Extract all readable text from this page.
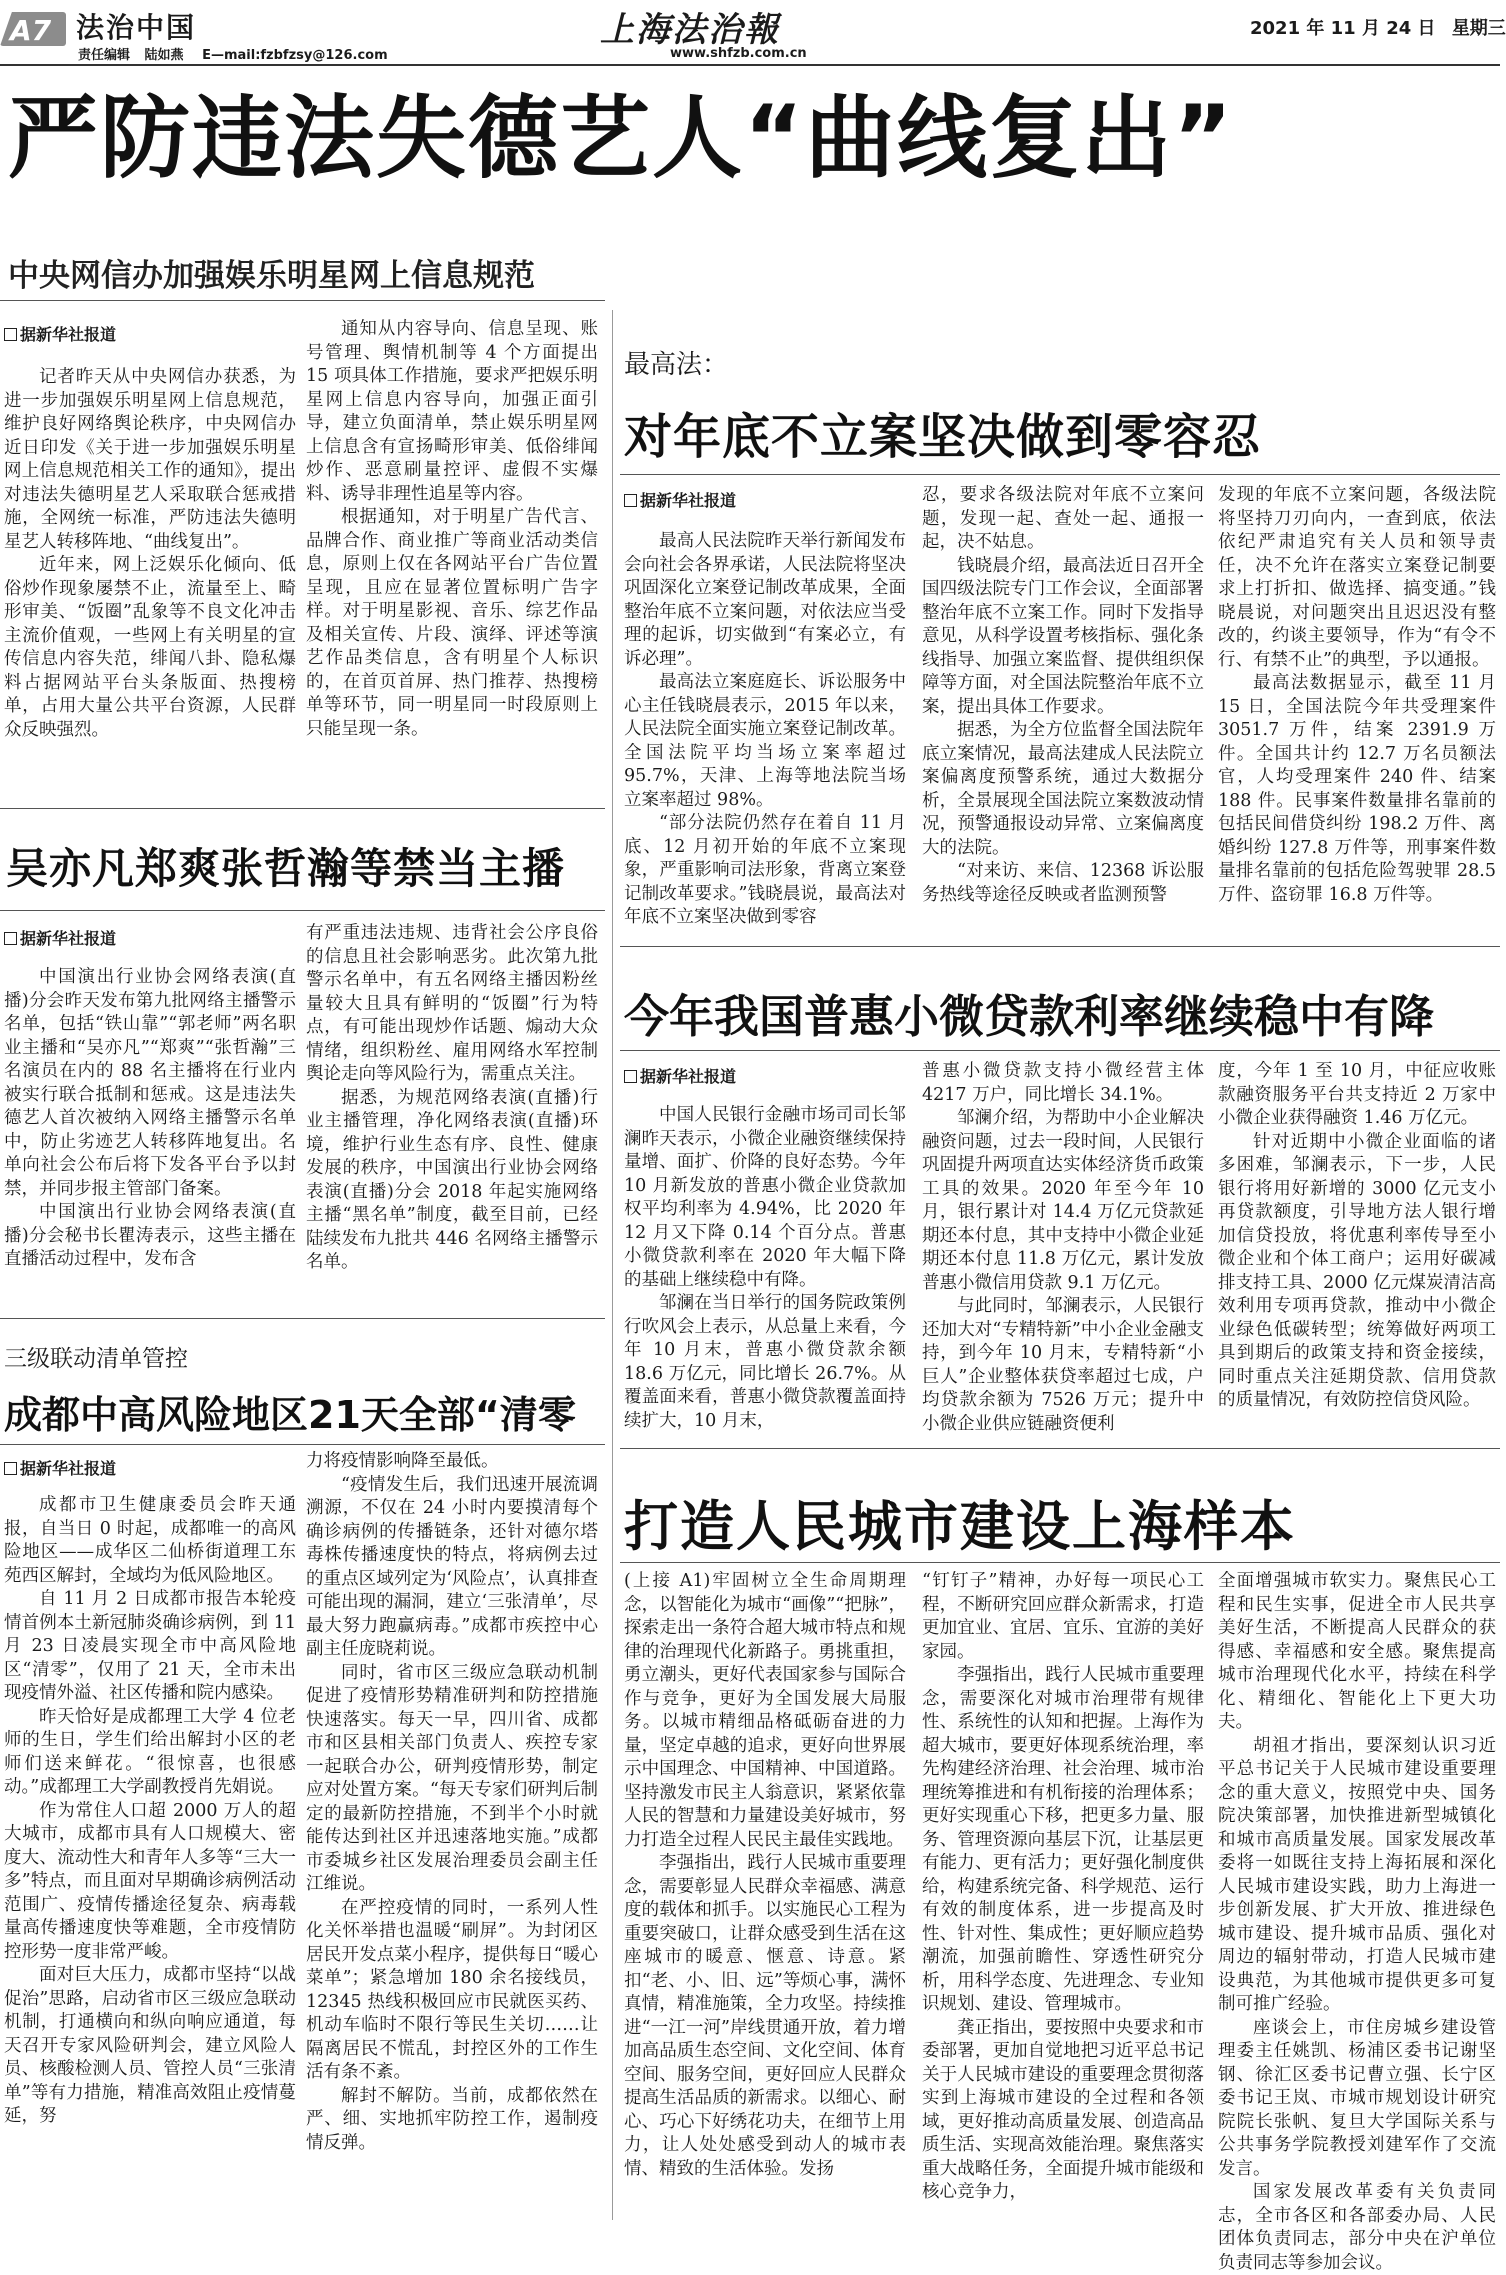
A7 法治中国
责任编辑 陆如燕 E—mail:fzbfzsy@126.com
上海法治報
www.shfzb.com.cn
2021 年 11 月 24 日 星期三
严防违法失德艺人“曲线复出”
中央网信办加强娱乐明星网上信息规范
据新华社报道

记者昨天从中央网信办获悉，为进一步加强娱乐明星网上信息规范，维护良好网络舆论秩序，中央网信办近日印发《关于进一步加强娱乐明星网上信息规范相关工作的通知》，提出对违法失德明星艺人采取联合惩戒措施，全网统一标准，严防违法失德明星艺人转移阵地、“曲线复出”。

近年来，网上泛娱乐化倾向、低俗炒作现象屡禁不止，流量至上、畸形审美、“饭圈”乱象等不良文化冲击主流价值观，一些网上有关明星的宣传信息内容失范，绯闻八卦、隐私爆料占据网站平台头条版面、热搜榜单，占用大量公共平台资源，人民群众反映强烈。

通知从内容导向、信息呈现、账号管理、舆情机制等 4 个方面提出 15 项具体工作措施，要求严把娱乐明星网上信息内容导向，加强正面引导，建立负面清单，禁止娱乐明星网上信息含有宣扬畸形审美、低俗绯闻炒作、恶意刷量控评、虚假不实爆料、诱导非理性追星等内容。

根据通知，对于明星广告代言、品牌合作、商业推广等商业活动类信息，原则上仅在各网站平台广告位置呈现，且应在显著位置标明广告字样。对于明星影视、音乐、综艺作品及相关宣传、片段、演绎、评述等演艺作品类信息，含有明星个人标识的，在首页首屏、热门推荐、热搜榜单等环节，同一明星同一时段原则上只能呈现一条。

吴亦凡郑爽张哲瀚等禁当主播
据新华社报道

中国演出行业协会网络表演(直播)分会昨天发布第九批网络主播警示名单，包括“铁山靠”“郭老师”两名职业主播和“吴亦凡”“郑爽”“张哲瀚”三名演员在内的 88 名主播将在行业内被实行联合抵制和惩戒。这是违法失德艺人首次被纳入网络主播警示名单中，防止劣迹艺人转移阵地复出。名单向社会公布后将下发各平台予以封禁，并同步报主管部门备案。

中国演出行业协会网络表演(直播)分会秘书长瞿涛表示，这些主播在直播活动过程中，发布含

有严重违法违规、违背社会公序良俗的信息且社会影响恶劣。此次第九批警示名单中，有五名网络主播因粉丝量较大且具有鲜明的“饭圈”行为特点，有可能出现炒作话题、煽动大众情绪，组织粉丝、雇用网络水军控制舆论走向等风险行为，需重点关注。

据悉，为规范网络表演(直播)行业主播管理，净化网络表演(直播)环境，维护行业生态有序、良性、健康发展的秩序，中国演出行业协会网络表演(直播)分会 2018 年起实施网络主播“黑名单”制度，截至目前，已经陆续发布九批共 446 名网络主播警示名单。

三级联动清单管控
成都中高风险地区21天全部“清零
据新华社报道

成都市卫生健康委员会昨天通报，自当日 0 时起，成都唯一的高风险地区——成华区二仙桥街道理工东苑西区解封，全域均为低风险地区。

自 11 月 2 日成都市报告本轮疫情首例本土新冠肺炎确诊病例，到 11 月 23 日凌晨实现全市中高风险地区“清零”，仅用了 21 天，全市未出现疫情外溢、社区传播和院内感染。

昨天恰好是成都理工大学 4 位老师的生日，学生们给出解封小区的老师们送来鲜花。“很惊喜，也很感动。”成都理工大学副教授肖先娟说。

作为常住人口超 2000 万人的超大城市，成都市具有人口规模大、密度大、流动性大和青年人多等“三大一多”特点，而且面对早期确诊病例活动范围广、疫情传播途径复杂、病毒载量高传播速度快等难题，全市疫情防控形势一度非常严峻。

面对巨大压力，成都市坚持“以战促治”思路，启动省市区三级应急联动机制，打通横向和纵向响应通道，每天召开专家风险研判会，建立风险人员、核酸检测人员、管控人员“三张清单”等有力措施，精准高效阻止疫情蔓延，努

力将疫情影响降至最低。

“疫情发生后，我们迅速开展流调溯源，不仅在 24 小时内要摸清每个确诊病例的传播链条，还针对德尔塔毒株传播速度快的特点，将病例去过的重点区域列定为‘风险点’，认真排查可能出现的漏洞，建立‘三张清单’，尽最大努力跑赢病毒。”成都市疾控中心副主任庞晓莉说。

同时，省市区三级应急联动机制促进了疫情形势精准研判和防控措施快速落实。每天一早，四川省、成都市和区县相关部门负责人、疾控专家一起联合办公，研判疫情形势，制定应对处置方案。“每天专家们研判后制定的最新防控措施，不到半个小时就能传达到社区并迅速落地实施。”成都市委城乡社区发展治理委员会副主任江维说。

在严控疫情的同时，一系列人性化关怀举措也温暖“刷屏”。为封闭区居民开发点菜小程序，提供每日“暖心菜单”；紧急增加 180 余名接线员，12345 热线积极回应市民就医买药、机动车临时不限行等民生关切……让隔离居民不慌乱，封控区外的工作生活有条不紊。

解封不解防。当前，成都依然在严、细、实地抓牢防控工作，遏制疫情反弹。

最高法：
对年底不立案坚决做到零容忍
据新华社报道

最高人民法院昨天举行新闻发布会向社会各界承诺，人民法院将坚决巩固深化立案登记制改革成果，全面整治年底不立案问题，对依法应当受理的起诉，切实做到“有案必立，有诉必理”。

最高法立案庭庭长、诉讼服务中心主任钱晓晨表示，2015 年以来，人民法院全面实施立案登记制改革。全国法院平均当场立案率超过 95.7%，天津、上海等地法院当场立案率超过 98%。

“部分法院仍然存在着自 11 月底、12 月初开始的年底不立案现象，严重影响司法形象，背离立案登记制改革要求。”钱晓晨说，最高法对年底不立案坚决做到零容

忍，要求各级法院对年底不立案问题，发现一起、查处一起、通报一起，决不姑息。

钱晓晨介绍，最高法近日召开全国四级法院专门工作会议，全面部署整治年底不立案工作。同时下发指导意见，从科学设置考核指标、强化条线指导、加强立案监督、提供组织保障等方面，对全国法院整治年底不立案，提出具体工作要求。

据悉，为全方位监督全国法院年底立案情况，最高法建成人民法院立案偏离度预警系统，通过大数据分析，全景展现全国法院立案数波动情况，预警通报设动异常、立案偏离度大的法院。

“对来访、来信、12368 诉讼服务热线等途径反映或者监测预警

发现的年底不立案问题，各级法院将坚持刀刃向内，一查到底，依法依纪严肃追究有关人员和领导责任，决不允许在落实立案登记制要求上打折扣、做选择、搞变通。”钱晓晨说，对问题突出且迟迟没有整改的，约谈主要领导，作为“有令不行、有禁不止”的典型，予以通报。

最高法数据显示，截至 11 月 15 日，全国法院今年共受理案件 3051.7 万件，结案 2391.9 万件。全国共计约 12.7 万名员额法官，人均受理案件 240 件、结案 188 件。民事案件数量排名靠前的包括民间借贷纠纷 198.2 万件、离婚纠纷 127.8 万件等，刑事案件数量排名靠前的包括危险驾驶罪 28.5 万件、盗窃罪 16.8 万件等。

今年我国普惠小微贷款利率继续稳中有降
据新华社报道

中国人民银行金融市场司司长邹澜昨天表示，小微企业融资继续保持量增、面扩、价降的良好态势。今年 10 月新发放的普惠小微企业贷款加权平均利率为 4.94%，比 2020 年 12 月又下降 0.14 个百分点。普惠小微贷款利率在 2020 年大幅下降的基础上继续稳中有降。

邹澜在当日举行的国务院政策例行吹风会上表示，从总量上来看，今年 10 月末，普惠小微贷款余额 18.6 万亿元，同比增长 26.7%。从覆盖面来看，普惠小微贷款覆盖面持续扩大，10 月末，

普惠小微贷款支持小微经营主体 4217 万户，同比增长 34.1%。

邹澜介绍，为帮助中小企业解决融资问题，过去一段时间，人民银行巩固提升两项直达实体经济货币政策工具的效果。2020 年至今年 10 月，银行累计对 14.4 万亿元贷款延期还本付息，其中支持中小微企业延期还本付息 11.8 万亿元，累计发放普惠小微信用贷款 9.1 万亿元。

与此同时，邹澜表示，人民银行还加大对“专精特新”中小企业金融支持，到今年 10 月末，专精特新“小巨人”企业整体获贷率超过七成，户均贷款余额为 7526 万元；提升中小微企业供应链融资便利

度，今年 1 至 10 月，中征应收账款融资服务平台共支持近 2 万家中小微企业获得融资 1.46 万亿元。

针对近期中小微企业面临的诸多困难，邹澜表示，下一步，人民银行将用好新增的 3000 亿元支小再贷款额度，引导地方法人银行增加信贷投放，将优惠利率传导至小微企业和个体工商户；运用好碳减排支持工具、2000 亿元煤炭清洁高效利用专项再贷款，推动中小微企业绿色低碳转型；统筹做好两项工具到期后的政策支持和资金接续，同时重点关注延期贷款、信用贷款的质量情况，有效防控信贷风险。

打造人民城市建设上海样本

(上接 A1)牢固树立全生命周期理念，以智能化为城市“画像”“把脉”，探索走出一条符合超大城市特点和规律的治理现代化新路子。勇挑重担，勇立潮头，更好代表国家参与国际合作与竞争，更好为全国发展大局服务。以城市精细品格砥砺奋进的力量，坚定卓越的追求，更好向世界展示中国理念、中国精神、中国道路。坚持激发市民主人翁意识，紧紧依靠人民的智慧和力量建设美好城市，努力打造全过程人民民主最佳实践地。

李强指出，践行人民城市重要理念，需要彰显人民群众幸福感、满意度的载体和抓手。以实施民心工程为重要突破口，让群众感受到生活在这座城市的暖意、惬意、诗意。紧扣“老、小、旧、远”等烦心事，满怀真情，精准施策，全力攻坚。持续推进“一江一河”岸线贯通开放，着力增加高品质生态空间、文化空间、体育空间、服务空间，更好回应人民群众提高生活品质的新需求。以细心、耐心、巧心下好绣花功夫，在细节上用力，让人处处感受到动人的城市表情、精致的生活体验。发扬

“钉钉子”精神，办好每一项民心工程，不断研究回应群众新需求，打造更加宜业、宜居、宜乐、宜游的美好家园。

李强指出，践行人民城市重要理念，需要深化对城市治理带有规律性、系统性的认知和把握。上海作为超大城市，要更好体现系统治理，率先构建经济治理、社会治理、城市治理统筹推进和有机衔接的治理体系；更好实现重心下移，把更多力量、服务、管理资源向基层下沉，让基层更有能力、更有活力；更好强化制度供给，构建系统完备、科学规范、运行有效的制度体系，进一步提高及时性、针对性、集成性；更好顺应趋势潮流，加强前瞻性、穿透性研究分析，用科学态度、先进理念、专业知识规划、建设、管理城市。

龚正指出，要按照中央要求和市委部署，更加自觉地把习近平总书记关于人民城市建设的重要理念贯彻落实到上海城市建设的全过程和各领域，更好推动高质量发展、创造高品质生活、实现高效能治理。聚焦落实重大战略任务，全面提升城市能级和核心竞争力，

全面增强城市软实力。聚焦民心工程和民生实事，促进全市人民共享美好生活，不断提高人民群众的获得感、幸福感和安全感。聚焦提高城市治理现代化水平，持续在科学化、精细化、智能化上下更大功夫。

胡祖才指出，要深刻认识习近平总书记关于人民城市建设重要理念的重大意义，按照党中央、国务院决策部署，加快推进新型城镇化和城市高质量发展。国家发展改革委将一如既往支持上海拓展和深化人民城市建设实践，助力上海进一步创新发展、扩大开放、推进绿色城市建设、提升城市品质、强化对周边的辐射带动，打造人民城市建设典范，为其他城市提供更多可复制可推广经验。

座谈会上，市住房城乡建设管理委主任姚凯、杨浦区委书记谢坚钢、徐汇区委书记曹立强、长宁区委书记王岚、市城市规划设计研究院院长张帆、复旦大学国际关系与公共事务学院教授刘建军作了交流发言。

国家发展改革委有关负责同志，全市各区和各部委办局、人民团体负责同志，部分中央在沪单位负责同志等参加会议。
